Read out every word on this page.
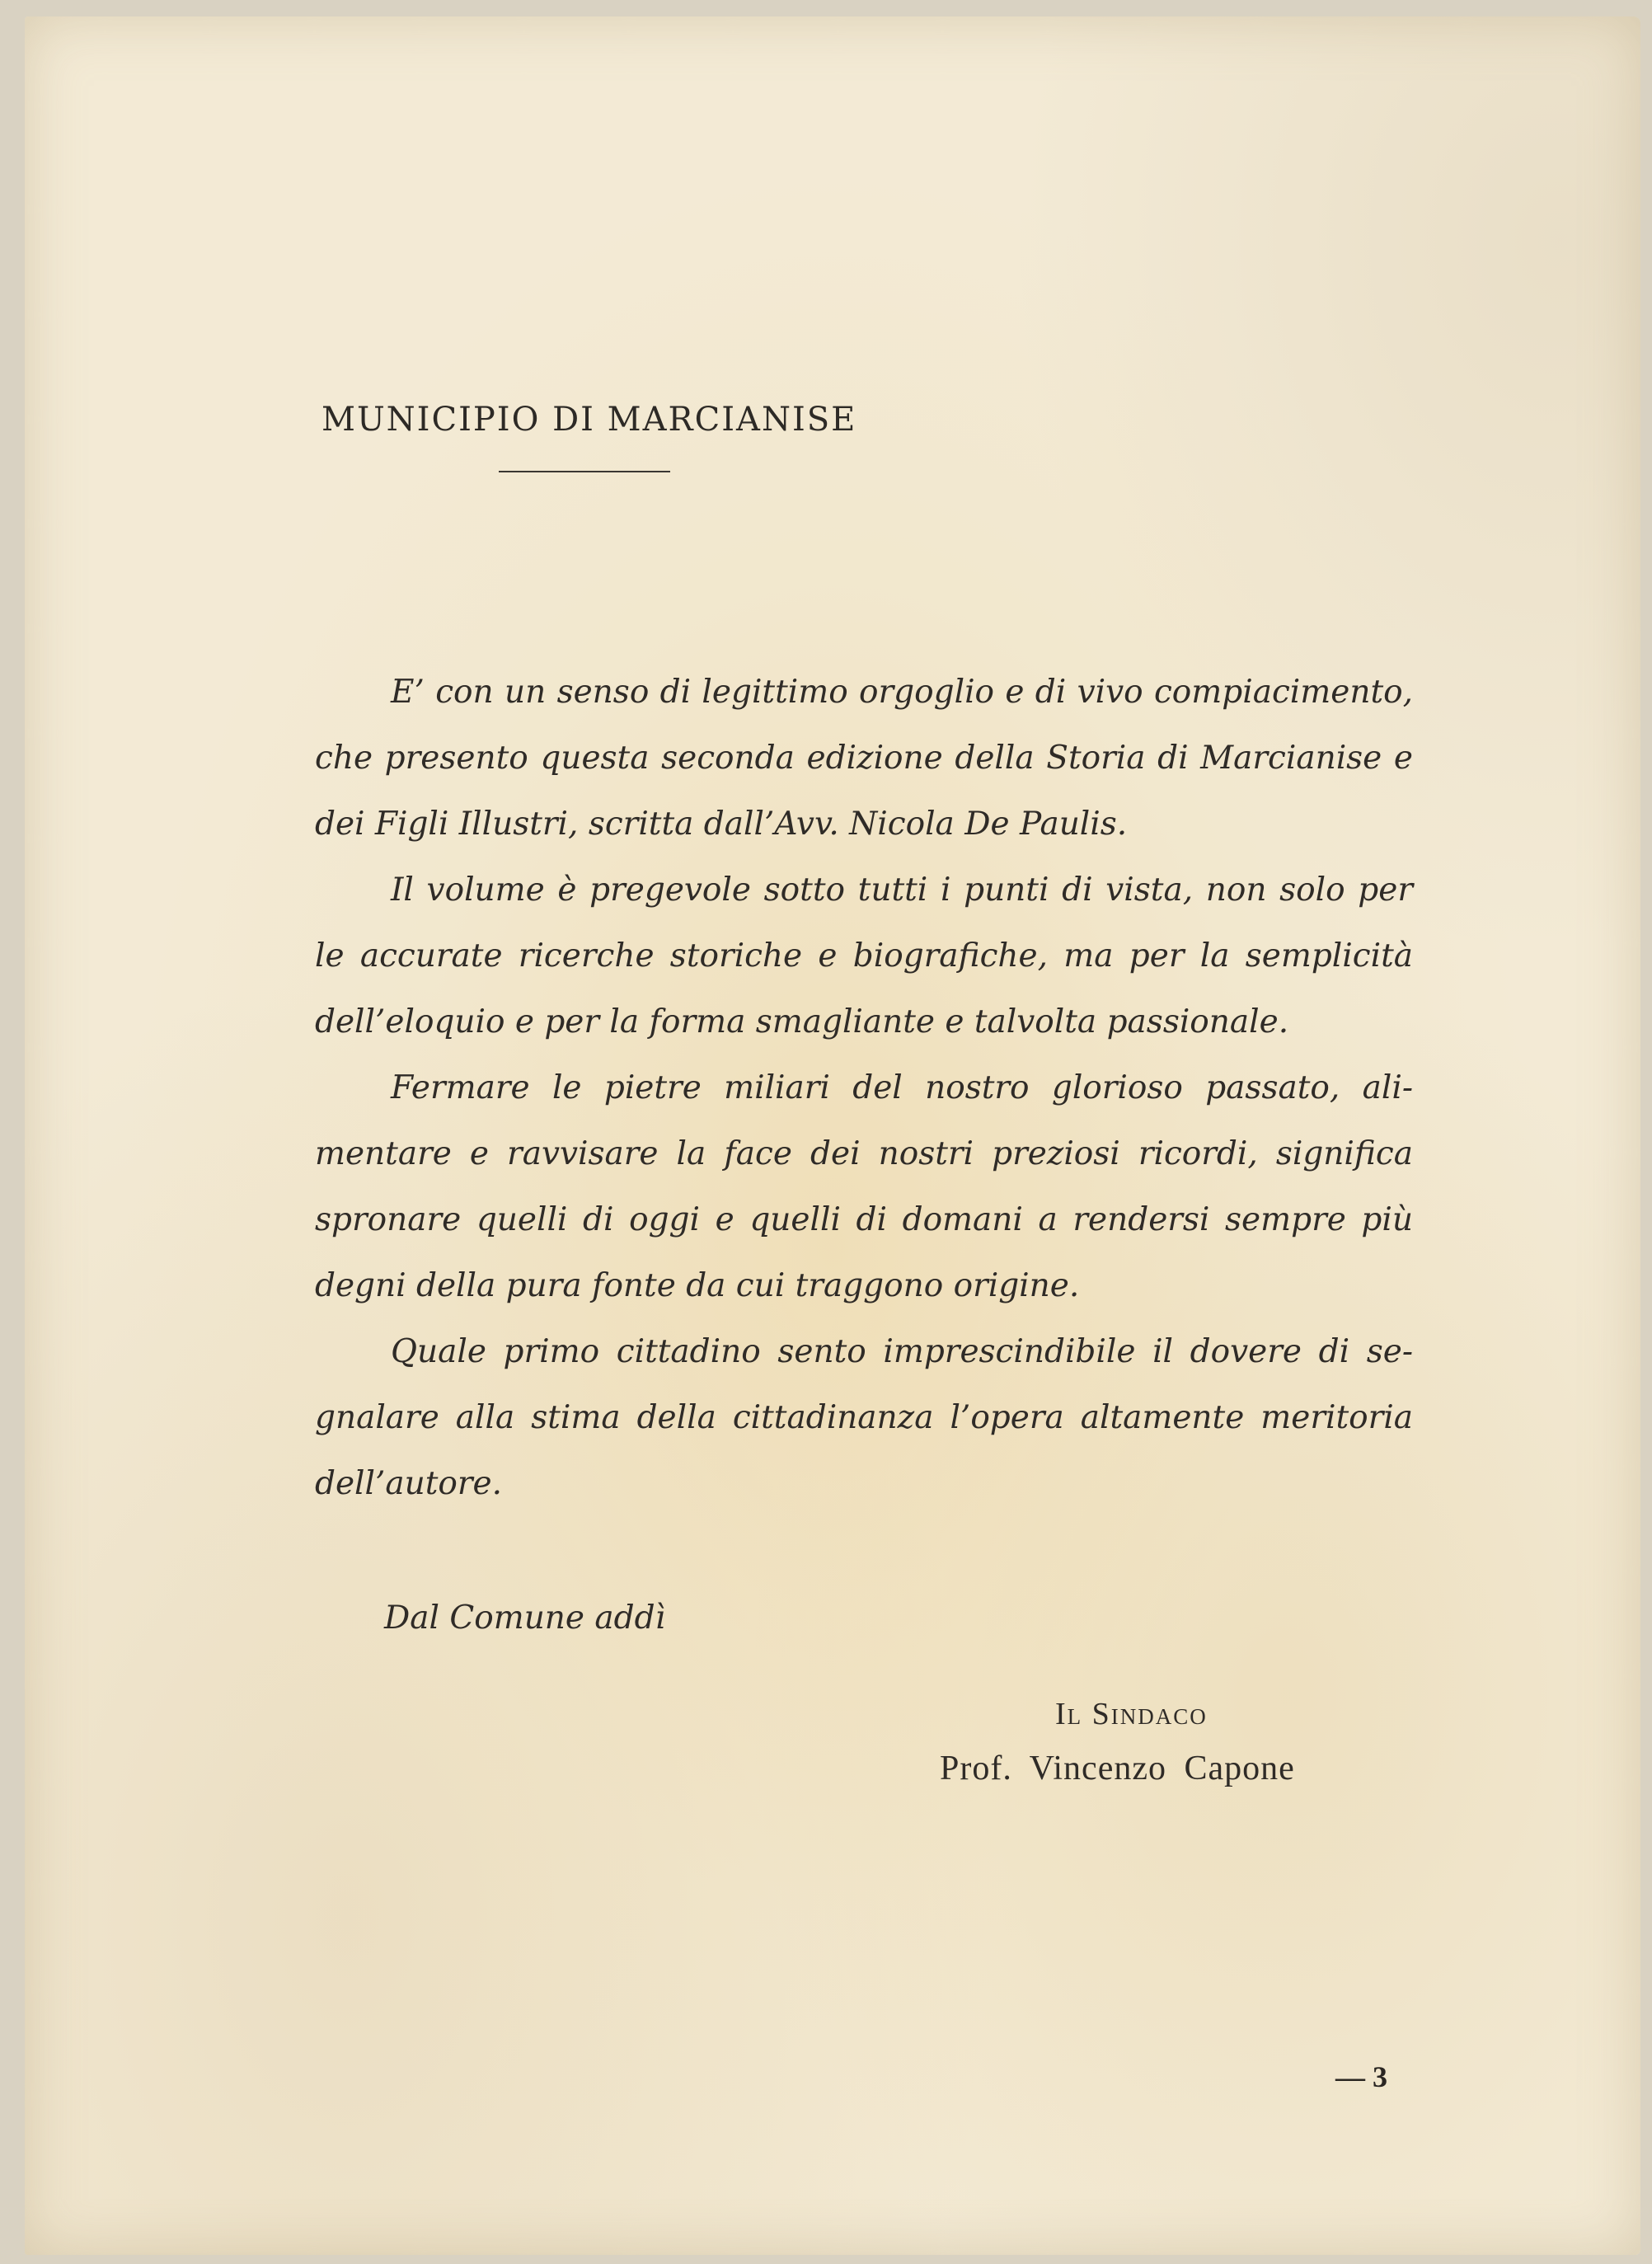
MUNICIPIO DI MARCIANISE

E’ con un senso di legittimo orgoglio e di vivo compiacimento, che presento questa seconda edizione della Storia di Marcianise e dei Figli Illustri, scritta dall’Avv. Nicola De Paulis.

Il volume è pregevole sotto tutti i punti di vista, non solo per le accurate ricerche storiche e biografiche, ma per la semplicità dell’eloquio e per la forma smagliante e talvolta passionale.

Fermare le pietre miliari del nostro glorioso passato, alimentare e ravvisare la face dei nostri preziosi ricordi, significa spronare quelli di oggi e quelli di domani a rendersi sempre più degni della pura fonte da cui traggono origine.

Quale primo cittadino sento imprescindibile il dovere di segnalare alla stima della cittadinanza l’opera altamente meritoria dell’autore.

Dal Comune addì
Il Sindaco
Prof. Vincenzo Capone
— 3
